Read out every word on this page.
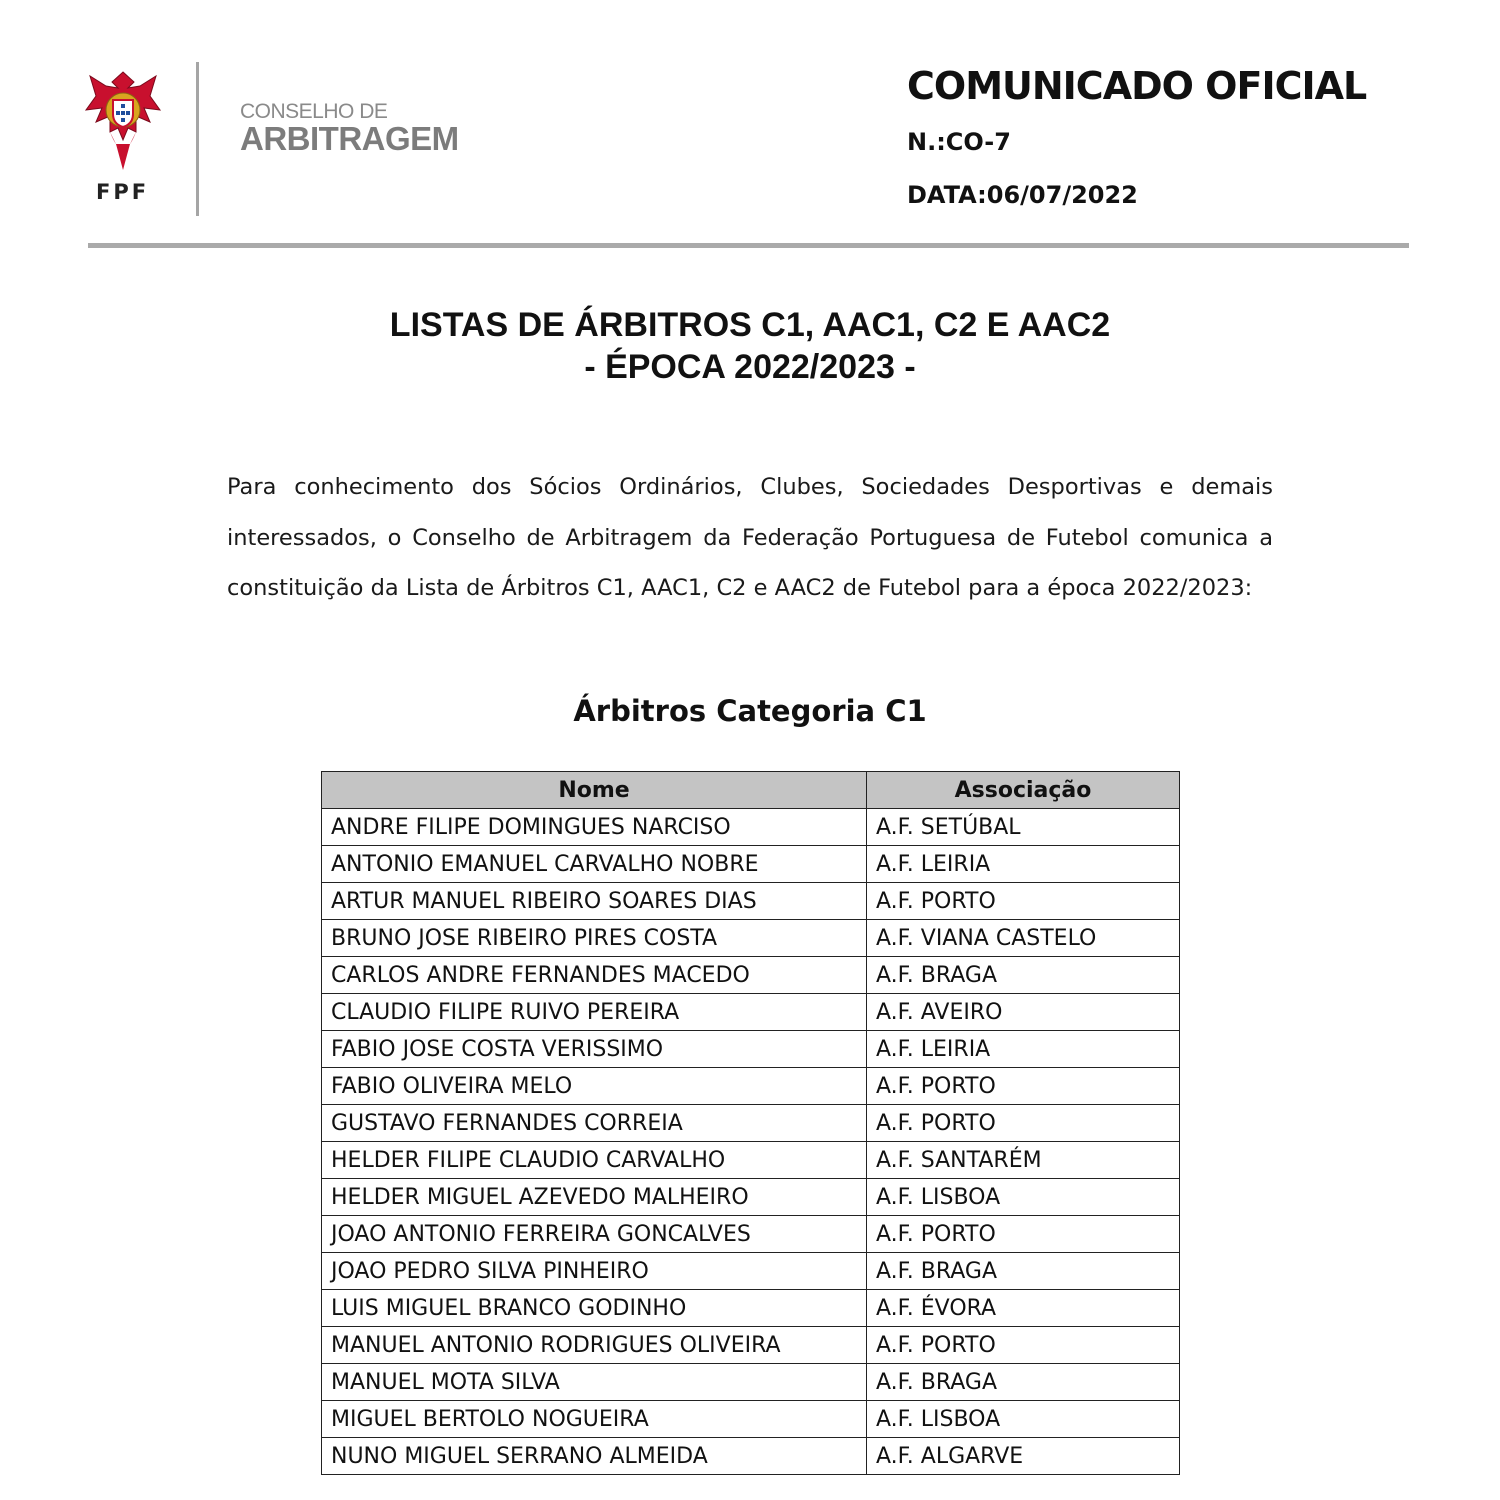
FPF
CONSELHO DE
ARBITRAGEM
COMUNICADO OFICIAL
N.:CO-7
DATA:06/07/2022
LISTAS DE ÁRBITROS C1, AAC1, C2 E AAC2
- ÉPOCA 2022/2023 -
Para conhecimento dos Sócios Ordinários, Clubes, Sociedades Desportivas e demais interessados, o Conselho de Arbitragem da Federação Portuguesa de Futebol comunica a constituição da Lista de Árbitros C1, AAC1, C2 e AAC2 de Futebol para a época 2022/2023:
Árbitros Categoria C1
Nome	Associação
ANDRE FILIPE DOMINGUES NARCISO	A.F. SETÚBAL
ANTONIO EMANUEL CARVALHO NOBRE	A.F. LEIRIA
ARTUR MANUEL RIBEIRO SOARES DIAS	A.F. PORTO
BRUNO JOSE RIBEIRO PIRES COSTA	A.F. VIANA CASTELO
CARLOS ANDRE FERNANDES MACEDO	A.F. BRAGA
CLAUDIO FILIPE RUIVO PEREIRA	A.F. AVEIRO
FABIO JOSE COSTA VERISSIMO	A.F. LEIRIA
FABIO OLIVEIRA MELO	A.F. PORTO
GUSTAVO FERNANDES CORREIA	A.F. PORTO
HELDER FILIPE CLAUDIO CARVALHO	A.F. SANTARÉM
HELDER MIGUEL AZEVEDO MALHEIRO	A.F. LISBOA
JOAO ANTONIO FERREIRA GONCALVES	A.F. PORTO
JOAO PEDRO SILVA PINHEIRO	A.F. BRAGA
LUIS MIGUEL BRANCO GODINHO	A.F. ÉVORA
MANUEL ANTONIO RODRIGUES OLIVEIRA	A.F. PORTO
MANUEL MOTA SILVA	A.F. BRAGA
MIGUEL BERTOLO NOGUEIRA	A.F. LISBOA
NUNO MIGUEL SERRANO ALMEIDA	A.F. ALGARVE
